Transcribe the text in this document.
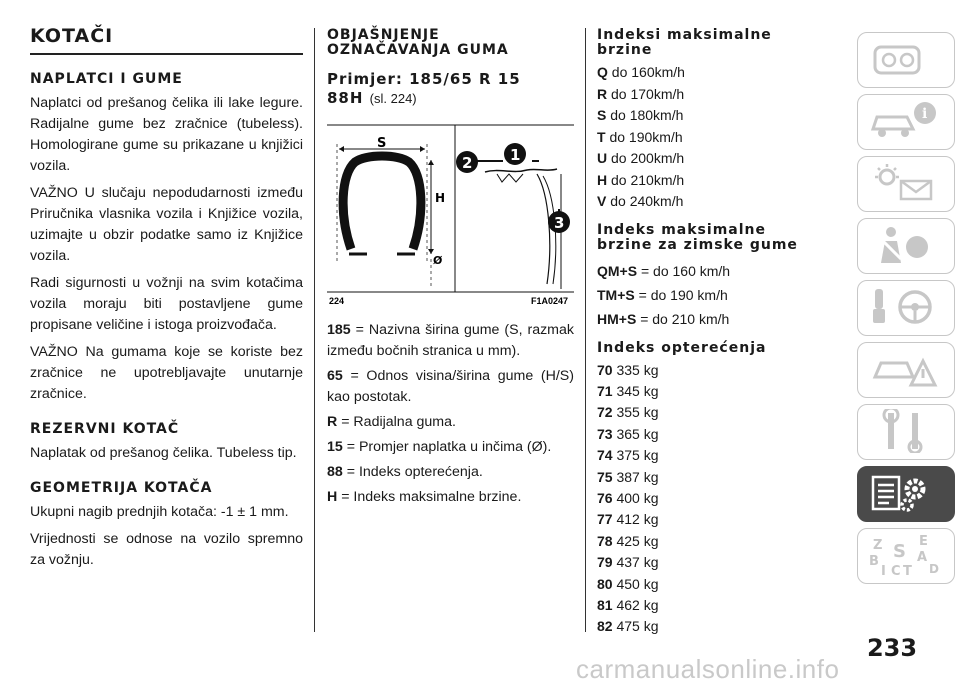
KOTAČI
NAPLATCI I GUME

Naplatci od prešanog čelika ili lake legure. Radijalne gume bez zračnice (tubeless). Homologirane gume su prikazane u knjižici vozila.

VAŽNO U slučaju nepodudarnosti između Priručnika vlasnika vozila i Knjižice vozila, uzimajte u obzir podatke samo iz Knjižice vozila.

Radi sigurnosti u vožnji na svim kotačima vozila moraju biti postavljene gume propisane veličine i istoga proizvođača.

VAŽNO Na gumama koje se koriste bez zračnice ne upotrebljavajte unutarnje zračnice.

REZERVNI KOTAČ

Naplatak od prešanog čelika. Tubeless tip.

GEOMETRIJA KOTAČA

Ukupni nagib prednjih kotača: -1 ± 1 mm.

Vrijednosti se odnose na vozilo spremno za vožnju.

OBJAŠNJENJE
OZNAČAVANJA GUMA
Primjer: 185/65 R 15
88H (sl. 224)
S
H
Ø
1
2
3
224	F1A0247

185 = Nazivna širina gume (S, razmak između bočnih stranica u mm).

65 = Odnos visina/širina gume (H/S) kao postotak.

R = Radijalna guma.

15 = Promjer naplatka u inčima (Ø).

88 = Indeks opterećenja.

H = Indeks maksimalne brzine.

Indeksi maksimalne
brzine
Q do 160km/h
R do 170km/h
S do 180km/h
T do 190km/h
U do 200km/h
H do 210km/h
V do 240km/h
Indeks maksimalne
brzine za zimske gume
QM+S = do 160 km/h
TM+S = do 190 km/h
HM+S = do 210 km/h
Indeks opterećenja
70 335 kg
71 345 kg
72 355 kg
73 365 kg
74 375 kg
75 387 kg
76 400 kg
77 412 kg
78 425 kg
79 437 kg
80 450 kg
81 462 kg
82 475 kg
i
Z	E
S A
B
I C T D
233
carmanualsonline.info
